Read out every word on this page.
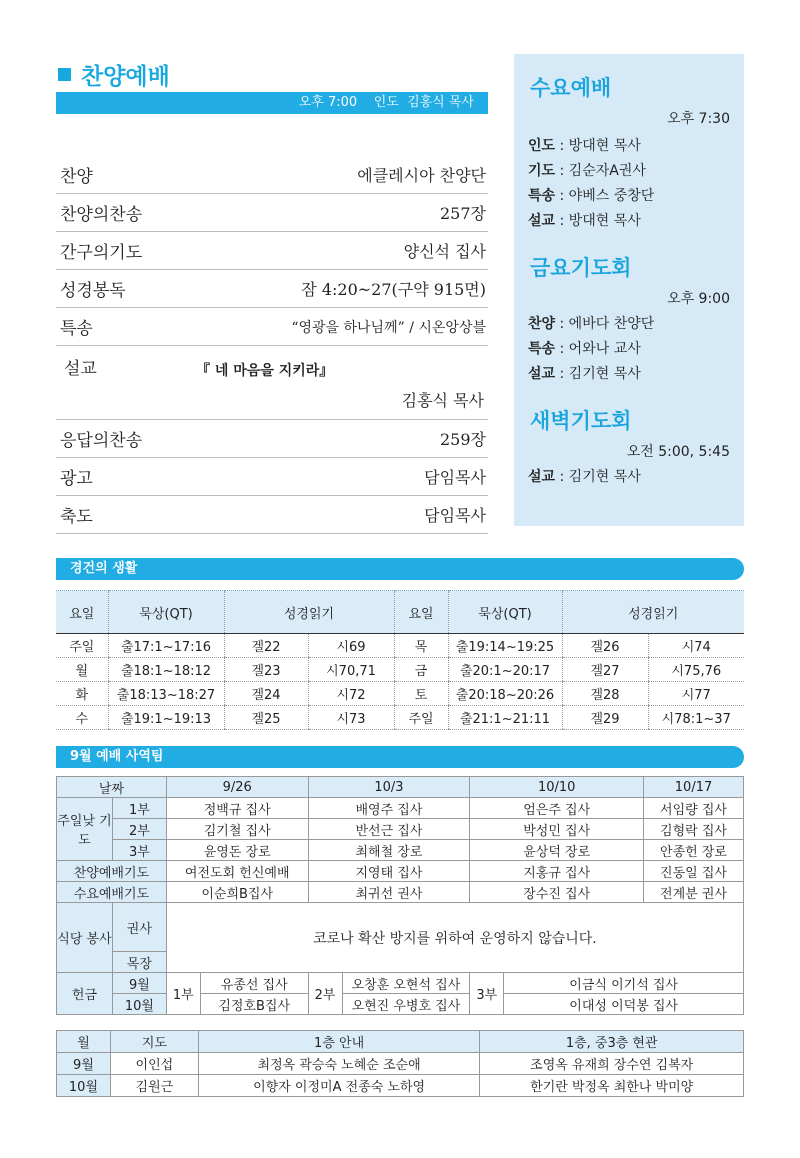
찬양예배
오후 7:00    인도  김홍식 목사
찬양	에클레시아 찬양단
찬양의찬송	257장
간구의기도	양신석 집사
성경봉독	잠 4:20~27(구약 915면)
특송	“영광을 하나님께” / 시온앙상블
설교	『 네 마음을 지키라』
김홍식 목사
응답의찬송	259장
광고	담임목사
축도	담임목사
수요예배
오후 7:30
인도 : 방대현 목사
기도 : 김순자A권사
특송 : 야베스 중창단
설교 : 방대현 목사
금요기도회
오후 9:00
찬양 : 에바다 찬양단
특송 : 어와나 교사
설교 : 김기현 목사
새벽기도회
오전 5:00, 5:45
설교 : 김기현 목사
경건의 생활
요일	묵상(QT)	성경읽기		요일	묵상(QT)	성경읽기	
주일	출17:1~17:16	겔22	시69	목	출19:14~19:25	겔26	시74
월	출18:1~18:12	겔23	시70,71	금	출20:1~20:17	겔27	시75,76
화	출18:13~18:27	겔24	시72	토	출20:18~20:26	겔28	시77
수	출19:1~19:13	겔25	시73	주일	출21:1~21:11	겔29	시78:1~37
9월 예배 사역팀
날짜		9/26		10/3		10/10		10/17
주일낮 기도	1부	정백규 집사		배영주 집사		엄은주 집사		서임량 집사
	2부	김기철 집사		반선근 집사		박성민 집사		김형락 집사
	3부	윤영돈 장로		최해철 장로		윤상덕 장로		안종헌 장로
찬양예배기도		여전도회 헌신예배		지영태 집사		지홍규 집사		진동일 집사
수요예배기도		이순희B집사		최귀선 권사		장수진 집사		전계분 권사
식당 봉사	권사	코로나 확산 방지를 위하여 운영하지 않습니다.						
	목장							
헌금	9월	1부	유종선 집사	2부	오창훈 오현석 집사	3부	이금식 이기석 집사	
	10월		김정호B집사		오현진 우병호 집사		이대성 이덕봉 집사	
월	지도	1층 안내	1층, 중3층 현관
9월	이인섭	최정옥 곽승숙 노혜순 조순애	조영옥 유재희 장수연 김복자
10월	김원근	이향자 이정미A 전종숙 노하영	한기란 박정옥 최한나 박미양
